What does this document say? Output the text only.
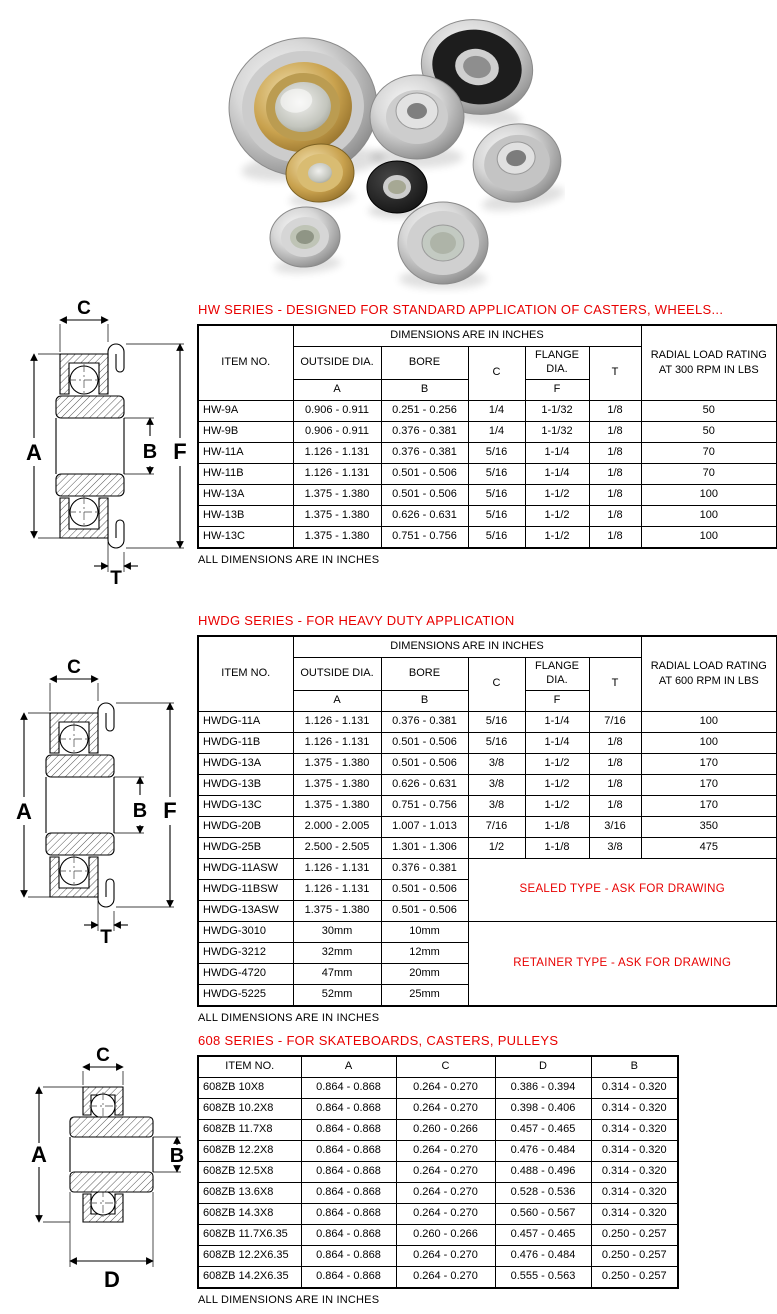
C
A	B F
T
HW SERIES - DESIGNED FOR STANDARD APPLICATION OF CASTERS, WHEELS...
ITEM NO.	DIMENSIONS ARE IN INCHES					RADIAL LOAD RATING AT 300 RPM IN LBS
	OUTSIDE DIA.	BORE	C	FLANGE DIA.	T	
	A	B		F		
HW-9A	0.906 - 0.911	0.251 - 0.256	1/4	1-1/32	1/8	50
HW-9B	0.906 - 0.911	0.376 - 0.381	1/4	1-1/32	1/8	50
HW-11A	1.126 - 1.131	0.376 - 0.381	5/16	1-1/4	1/8	70
HW-11B	1.126 - 1.131	0.501 - 0.506	5/16	1-1/4	1/8	70
HW-13A	1.375 - 1.380	0.501 - 0.506	5/16	1-1/2	1/8	100
HW-13B	1.375 - 1.380	0.626 - 0.631	5/16	1-1/2	1/8	100
HW-13C	1.375 - 1.380	0.751 - 0.756	5/16	1-1/2	1/8	100
ALL DIMENSIONS ARE IN INCHES
C
A	B F
T
HWDG SERIES - FOR HEAVY DUTY APPLICATION
ITEM NO.	DIMENSIONS ARE IN INCHES					RADIAL LOAD RATING AT 600 RPM IN LBS
	OUTSIDE DIA.	BORE	C	FLANGE DIA.	T	
	A	B		F		
HWDG-11A	1.126 - 1.131	0.376 - 0.381	5/16	1-1/4	7/16	100
HWDG-11B	1.126 - 1.131	0.501 - 0.506	5/16	1-1/4	1/8	100
HWDG-13A	1.375 - 1.380	0.501 - 0.506	3/8	1-1/2	1/8	170
HWDG-13B	1.375 - 1.380	0.626 - 0.631	3/8	1-1/2	1/8	170
HWDG-13C	1.375 - 1.380	0.751 - 0.756	3/8	1-1/2	1/8	170
HWDG-20B	2.000 - 2.005	1.007 - 1.013	7/16	1-1/8	3/16	350
HWDG-25B	2.500 - 2.505	1.301 - 1.306	1/2	1-1/8	3/8	475
HWDG-11ASW	1.126 - 1.131	0.376 - 0.381	SEALED TYPE - ASK FOR DRAWING			
HWDG-11BSW	1.126 - 1.131	0.501 - 0.506				
HWDG-13ASW	1.375 - 1.380	0.501 - 0.506				
HWDG-3010	30mm	10mm	RETAINER TYPE - ASK FOR DRAWING			
HWDG-3212	32mm	12mm				
HWDG-4720	47mm	20mm				
HWDG-5225	52mm	25mm				
ALL DIMENSIONS ARE IN INCHES
C
A	B
D
608 SERIES - FOR SKATEBOARDS, CASTERS, PULLEYS
ITEM NO.	A	C	D	B
608ZB 10X8	0.864 - 0.868	0.264 - 0.270	0.386 - 0.394	0.314 - 0.320
608ZB 10.2X8	0.864 - 0.868	0.264 - 0.270	0.398 - 0.406	0.314 - 0.320
608ZB 11.7X8	0.864 - 0.868	0.260 - 0.266	0.457 - 0.465	0.314 - 0.320
608ZB 12.2X8	0.864 - 0.868	0.264 - 0.270	0.476 - 0.484	0.314 - 0.320
608ZB 12.5X8	0.864 - 0.868	0.264 - 0.270	0.488 - 0.496	0.314 - 0.320
608ZB 13.6X8	0.864 - 0.868	0.264 - 0.270	0.528 - 0.536	0.314 - 0.320
608ZB 14.3X8	0.864 - 0.868	0.264 - 0.270	0.560 - 0.567	0.314 - 0.320
608ZB 11.7X6.35	0.864 - 0.868	0.260 - 0.266	0.457 - 0.465	0.250 - 0.257
608ZB 12.2X6.35	0.864 - 0.868	0.264 - 0.270	0.476 - 0.484	0.250 - 0.257
608ZB 14.2X6.35	0.864 - 0.868	0.264 - 0.270	0.555 - 0.563	0.250 - 0.257
ALL DIMENSIONS ARE IN INCHES
